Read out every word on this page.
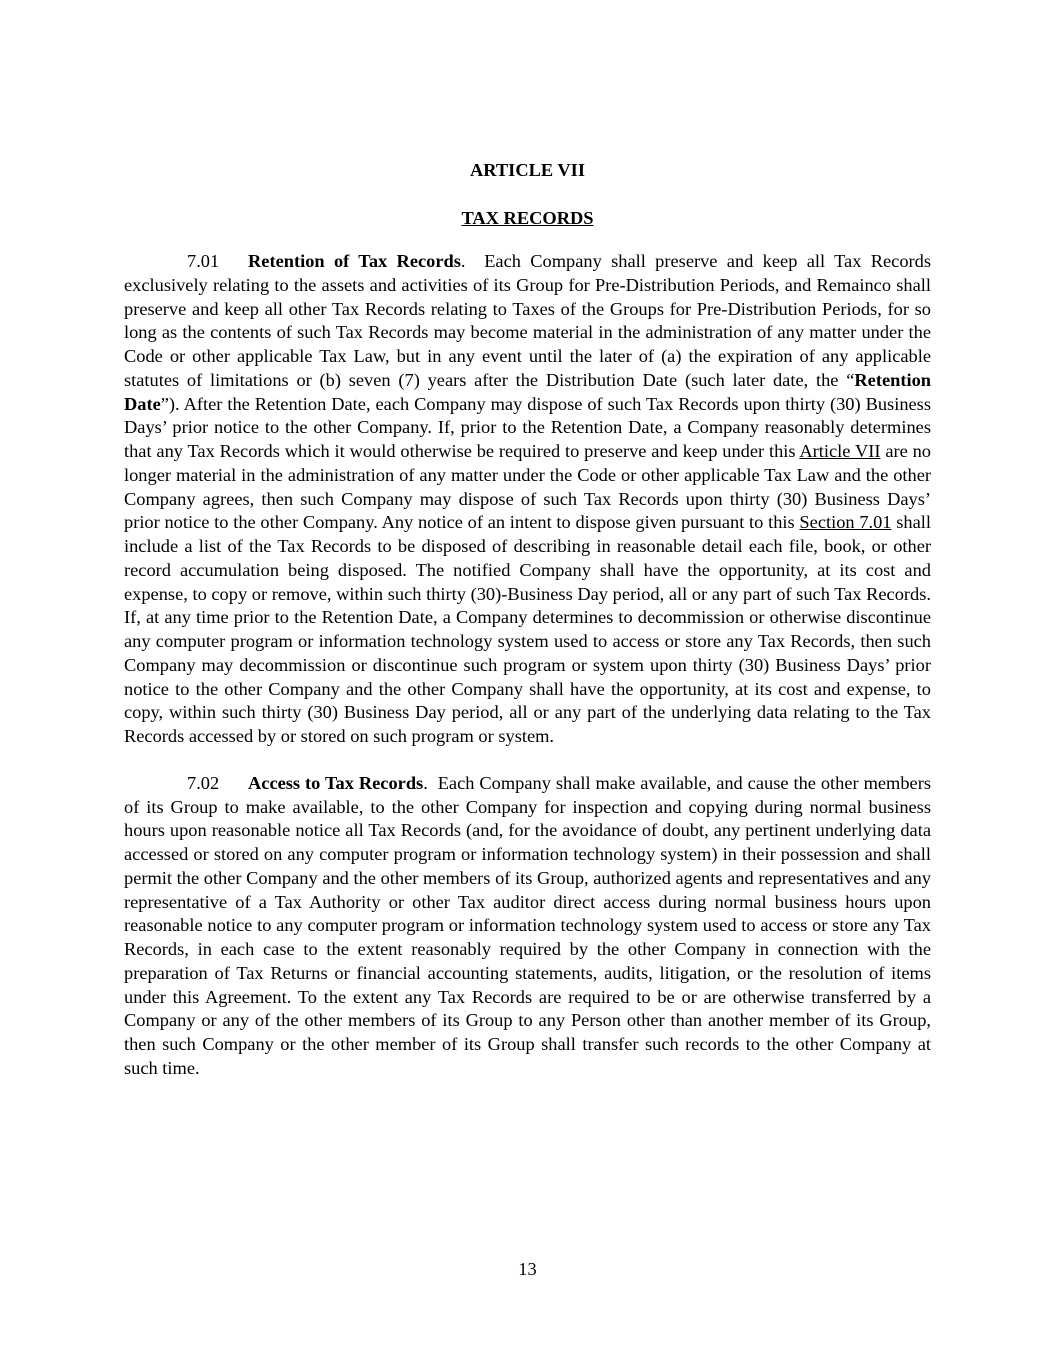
ARTICLE VII

TAX RECORDS

7.01 Retention of Tax Records. Each Company shall preserve and keep all Tax Records exclusively relating to the assets and activities of its Group for Pre-Distribution Periods, and Remainco shall preserve and keep all other Tax Records relating to Taxes of the Groups for Pre-Distribution Periods, for so long as the contents of such Tax Records may become material in the administration of any matter under the Code or other applicable Tax Law, but in any event until the later of (a) the expiration of any applicable statutes of limitations or (b) seven (7) years after the Distribution Date (such later date, the “Retention Date”). After the Retention Date, each Company may dispose of such Tax Records upon thirty (30) Business Days’ prior notice to the other Company. If, prior to the Retention Date, a Company reasonably determines that any Tax Records which it would otherwise be required to preserve and keep under this Article VII are no longer material in the administration of any matter under the Code or other applicable Tax Law and the other Company agrees, then such Company may dispose of such Tax Records upon thirty (30) Business Days’ prior notice to the other Company. Any notice of an intent to dispose given pursuant to this Section 7.01 shall include a list of the Tax Records to be disposed of describing in reasonable detail each file, book, or other record accumulation being disposed. The notified Company shall have the opportunity, at its cost and expense, to copy or remove, within such thirty (30)-Business Day period, all or any part of such Tax Records. If, at any time prior to the Retention Date, a Company determines to decommission or otherwise discontinue any computer program or information technology system used to access or store any Tax Records, then such Company may decommission or discontinue such program or system upon thirty (30) Business Days’ prior notice to the other Company and the other Company shall have the opportunity, at its cost and expense, to copy, within such thirty (30) Business Day period, all or any part of the underlying data relating to the Tax Records accessed by or stored on such program or system.

7.02 Access to Tax Records. Each Company shall make available, and cause the other members of its Group to make available, to the other Company for inspection and copying during normal business hours upon reasonable notice all Tax Records (and, for the avoidance of doubt, any pertinent underlying data accessed or stored on any computer program or information technology system) in their possession and shall permit the other Company and the other members of its Group, authorized agents and representatives and any representative of a Tax Authority or other Tax auditor direct access during normal business hours upon reasonable notice to any computer program or information technology system used to access or store any Tax Records, in each case to the extent reasonably required by the other Company in connection with the preparation of Tax Returns or financial accounting statements, audits, litigation, or the resolution of items under this Agreement. To the extent any Tax Records are required to be or are otherwise transferred by a Company or any of the other members of its Group to any Person other than another member of its Group, then such Company or the other member of its Group shall transfer such records to the other Company at such time.

13
